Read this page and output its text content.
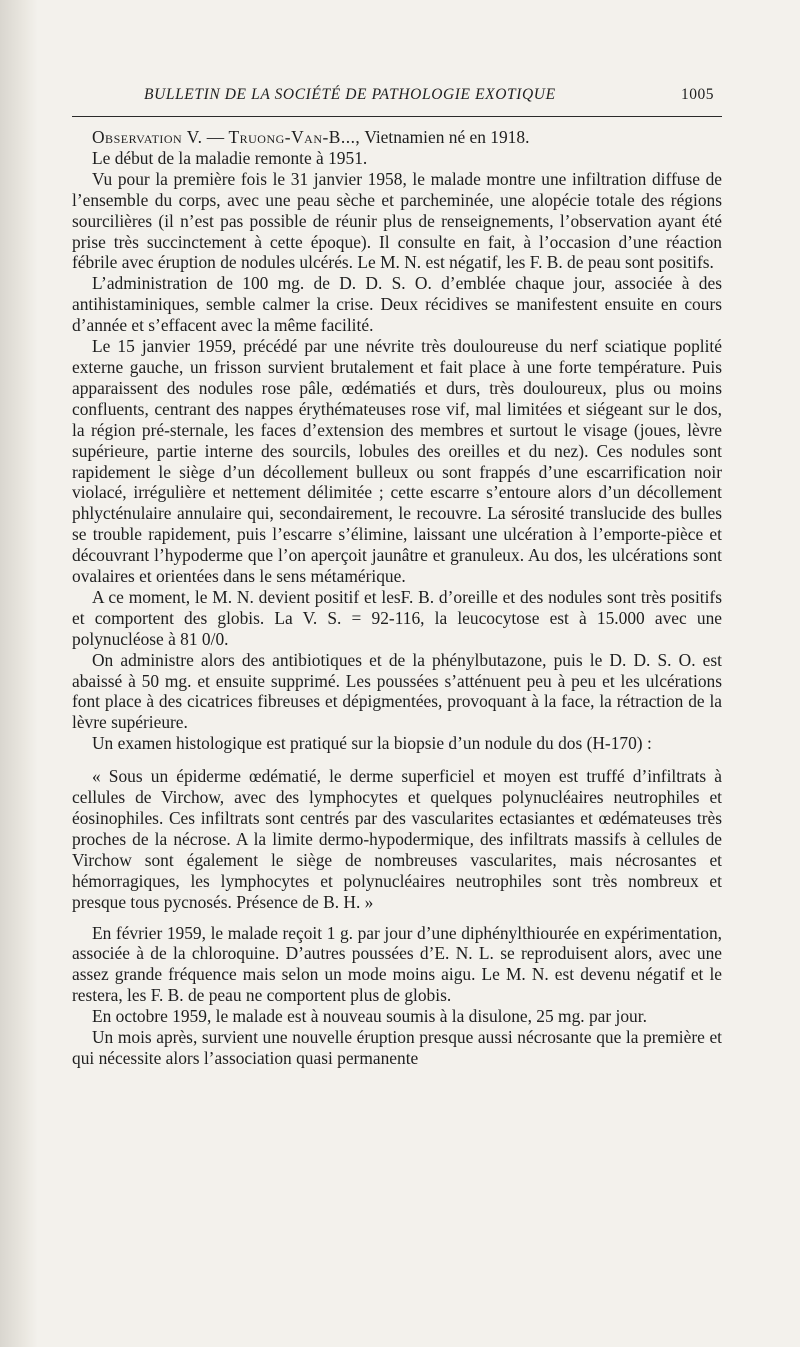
BULLETIN DE LA SOCIÉTÉ DE PATHOLOGIE EXOTIQUE	1005

Observation V. — Truong-Van-B..., Vietnamien né en 1918.

Le début de la maladie remonte à 1951.

Vu pour la première fois le 31 janvier 1958, le malade montre une infiltration diffuse de l’ensemble du corps, avec une peau sèche et parcheminée, une alopécie totale des régions sourcilières (il n’est pas possible de réunir plus de renseignements, l’observation ayant été prise très succinctement à cette époque). Il consulte en fait, à l’occasion d’une réaction fébrile avec éruption de nodules ulcérés. Le M. N. est négatif, les F. B. de peau sont positifs.

L’administration de 100 mg. de D. D. S. O. d’emblée chaque jour, associée à des antihistaminiques, semble calmer la crise. Deux récidives se manifestent ensuite en cours d’année et s’effacent avec la même facilité.

Le 15 janvier 1959, précédé par une névrite très douloureuse du nerf sciatique poplité externe gauche, un frisson survient brutalement et fait place à une forte température. Puis apparaissent des nodules rose pâle, œdématiés et durs, très douloureux, plus ou moins confluents, centrant des nappes érythémateuses rose vif, mal limitées et siégeant sur le dos, la région pré-sternale, les faces d’extension des membres et surtout le visage (joues, lèvre supérieure, partie interne des sourcils, lobules des oreilles et du nez). Ces nodules sont rapidement le siège d’un décollement bulleux ou sont frappés d’une escarrification noir violacé, irrégulière et nettement délimitée ; cette escarre s’entoure alors d’un décollement phlycténulaire annulaire qui, secondairement, le recouvre. La sérosité translucide des bulles se trouble rapidement, puis l’escarre s’élimine, laissant une ulcération à l’emporte-pièce et découvrant l’hypoderme que l’on aperçoit jaunâtre et granuleux. Au dos, les ulcérations sont ovalaires et orientées dans le sens métamérique.

A ce moment, le M. N. devient positif et lesF. B. d’oreille et des nodules sont très positifs et comportent des globis. La V. S. = 92-116, la leucocytose est à 15.000 avec une polynucléose à 81 0/0.

On administre alors des antibiotiques et de la phénylbutazone, puis le D. D. S. O. est abaissé à 50 mg. et ensuite supprimé. Les poussées s’atténuent peu à peu et les ulcérations font place à des cicatrices fibreuses et dépigmentées, provoquant à la face, la rétraction de la lèvre supérieure.

Un examen histologique est pratiqué sur la biopsie d’un nodule du dos (H-170) :

« Sous un épiderme œdématié, le derme superficiel et moyen est truffé d’infiltrats à cellules de Virchow, avec des lymphocytes et quelques polynucléaires neutrophiles et éosinophiles. Ces infiltrats sont centrés par des vascularites ectasiantes et œdémateuses très proches de la nécrose. A la limite dermo-hypodermique, des infiltrats massifs à cellules de Virchow sont également le siège de nombreuses vascularites, mais nécrosantes et hémorragiques, les lymphocytes et polynucléaires neutrophiles sont très nombreux et presque tous pycnosés. Présence de B. H. »

En février 1959, le malade reçoit 1 g. par jour d’une diphénylthiourée en expérimentation, associée à de la chloroquine. D’autres poussées d’E. N. L. se reproduisent alors, avec une assez grande fréquence mais selon un mode moins aigu. Le M. N. est devenu négatif et le restera, les F. B. de peau ne comportent plus de globis.

En octobre 1959, le malade est à nouveau soumis à la disulone, 25 mg. par jour.

Un mois après, survient une nouvelle éruption presque aussi nécrosante que la première et qui nécessite alors l’association quasi permanente
